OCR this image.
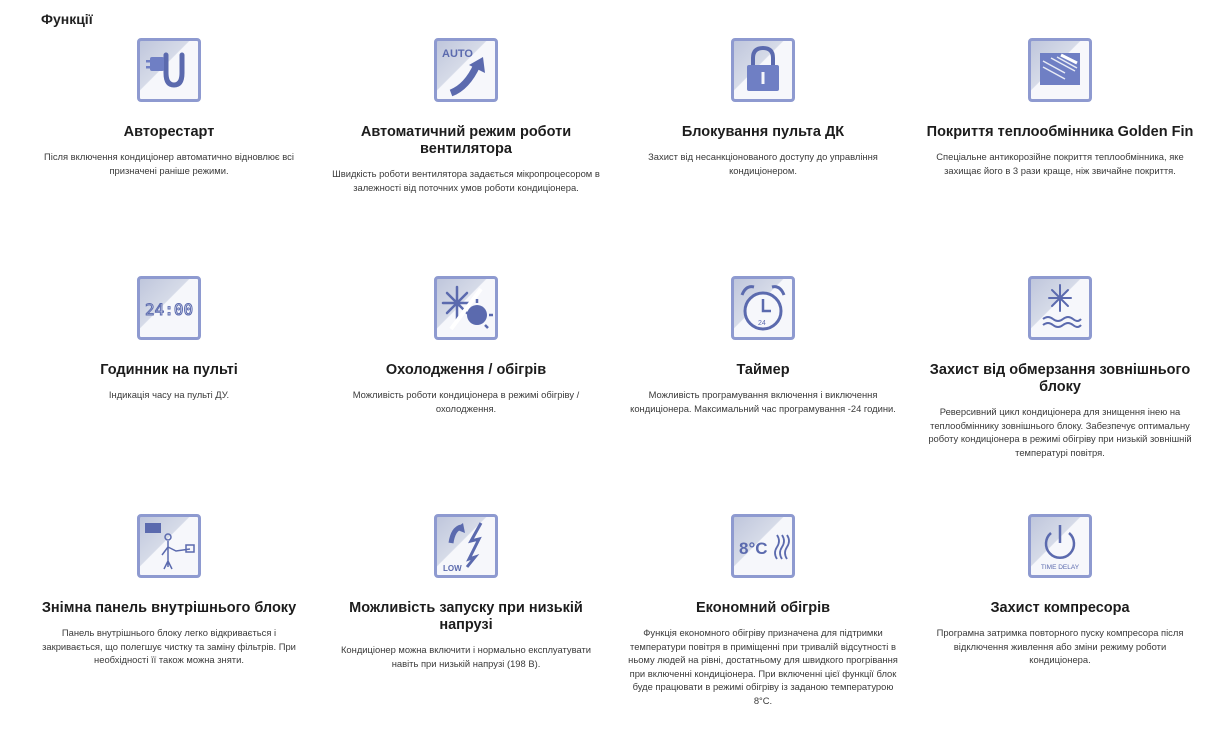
Функції
Авторестарт

Після включення кондиціонер автоматично відновлює всі призначені раніше режими.

AUTO
Автоматичний режим роботи вентилятора

Швидкість роботи вентилятора задається мікропроцесором в залежності від поточних умов роботи кондиціонера.

Блокування пульта ДК

Захист від несанкціонованого доступу до управління кондиціонером.

Покриття теплообмінника Golden Fin

Спеціальне антикорозійне покриття теплообмінника, яке захищає його в 3 рази краще, ніж звичайне покриття.

24:00
Годинник на пульті

Індикація часу на пульті ДУ.

Охолодження / обігрів

Можливість роботи кондиціонера в режимі обігріву / охолодження.

24
Таймер

Можливість програмування включення і виключення кондиціонера. Максимальний час програмування -24 години.

Захист від обмерзання зовнішнього блоку

Реверсивний цикл кондиціонера для знищення інею на теплообміннику зовнішнього блоку. Забезпечує оптимальну роботу кондиціонера в режимі обігріву при низькій зовнішній температурі повітря.

Знімна панель внутрішнього блоку

Панель внутрішнього блоку легко відкривається і закривається, що полегшує чистку та заміну фільтрів. При необхідності її також можна зняти.

LOW
Можливість запуску при низькій напрузі

Кондиціонер можна включити і нормально експлуатувати навіть при низькій напрузі (198 В).

8°C
Економний обігрів

Функція економного обігріву призначена для підтримки температури повітря в приміщенні при тривалій відсутності в ньому людей на рівні, достатньому для швидкого прогрівання при включенні кондиціонера. При включенні цієї функції блок буде працювати в режимі обігріву із заданою температурою 8°C.

TIME DELAY
Захист компресора

Програмна затримка повторного пуску компресора після відключення живлення або зміни режиму роботи кондиціонера.
